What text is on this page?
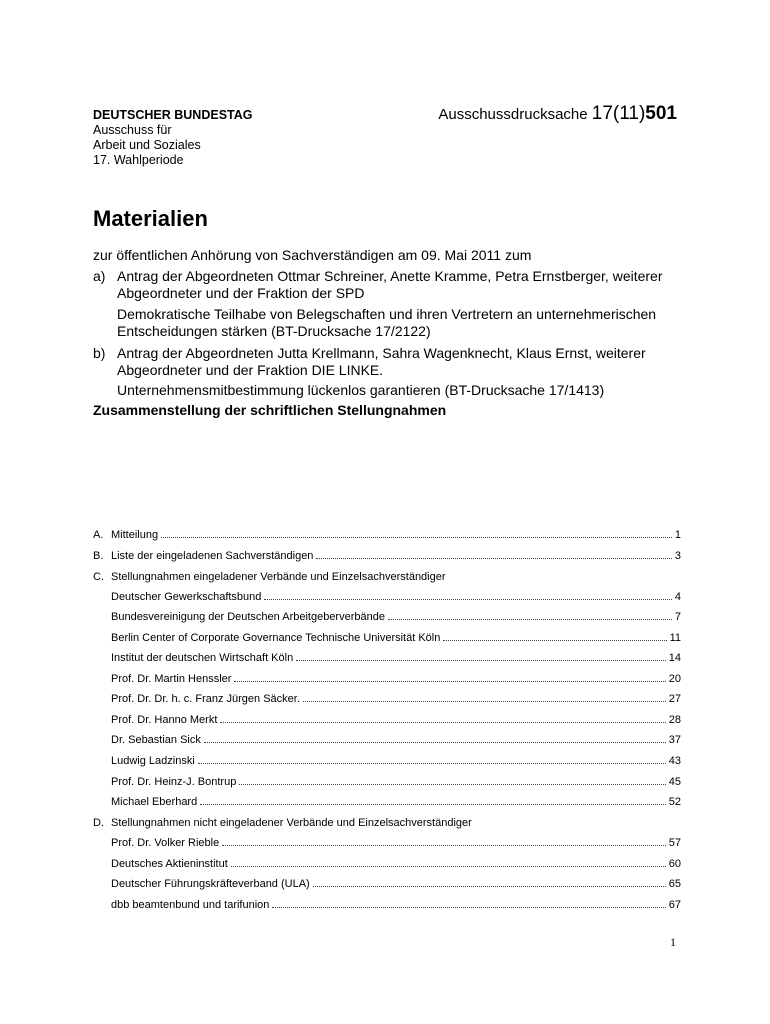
DEUTSCHER BUNDESTAG
Ausschuss für
Arbeit und Soziales
17. Wahlperiode
Ausschussdrucksache 17(11)501
Materialien
zur öffentlichen Anhörung von Sachverständigen am 09. Mai 2011 zum
a) Antrag der Abgeordneten Ottmar Schreiner, Anette Kramme, Petra Ernstberger, weiterer Abgeordneter und der Fraktion der SPD
Demokratische Teilhabe von Belegschaften und ihren Vertretern an unternehmerischen Entscheidungen stärken (BT-Drucksache 17/2122)
b) Antrag der Abgeordneten Jutta Krellmann, Sahra Wagenknecht, Klaus Ernst, weiterer Abgeordneter und der Fraktion DIE LINKE.
Unternehmensmitbestimmung lückenlos garantieren (BT-Drucksache 17/1413)
Zusammenstellung der schriftlichen Stellungnahmen
A. Mitteilung	1
B. Liste der eingeladenen Sachverständigen	3
C. Stellungnahmen eingeladener Verbände und Einzelsachverständiger
Deutscher Gewerkschaftsbund	4
Bundesvereinigung der Deutschen Arbeitgeberverbände	7
Berlin Center of Corporate Governance Technische Universität Köln	11
Institut der deutschen Wirtschaft Köln	14
Prof. Dr. Martin Henssler	20
Prof. Dr. Dr. h. c. Franz Jürgen Säcker.	27
Prof. Dr. Hanno Merkt	28
Dr. Sebastian Sick	37
Ludwig Ladzinski	43
Prof. Dr. Heinz-J. Bontrup	45
Michael Eberhard	52
D. Stellungnahmen nicht eingeladener Verbände und Einzelsachverständiger
Prof. Dr. Volker Rieble	57
Deutsches Aktieninstitut	60
Deutscher Führungskräfteverband (ULA)	65
dbb beamtenbund und tarifunion	67
1
